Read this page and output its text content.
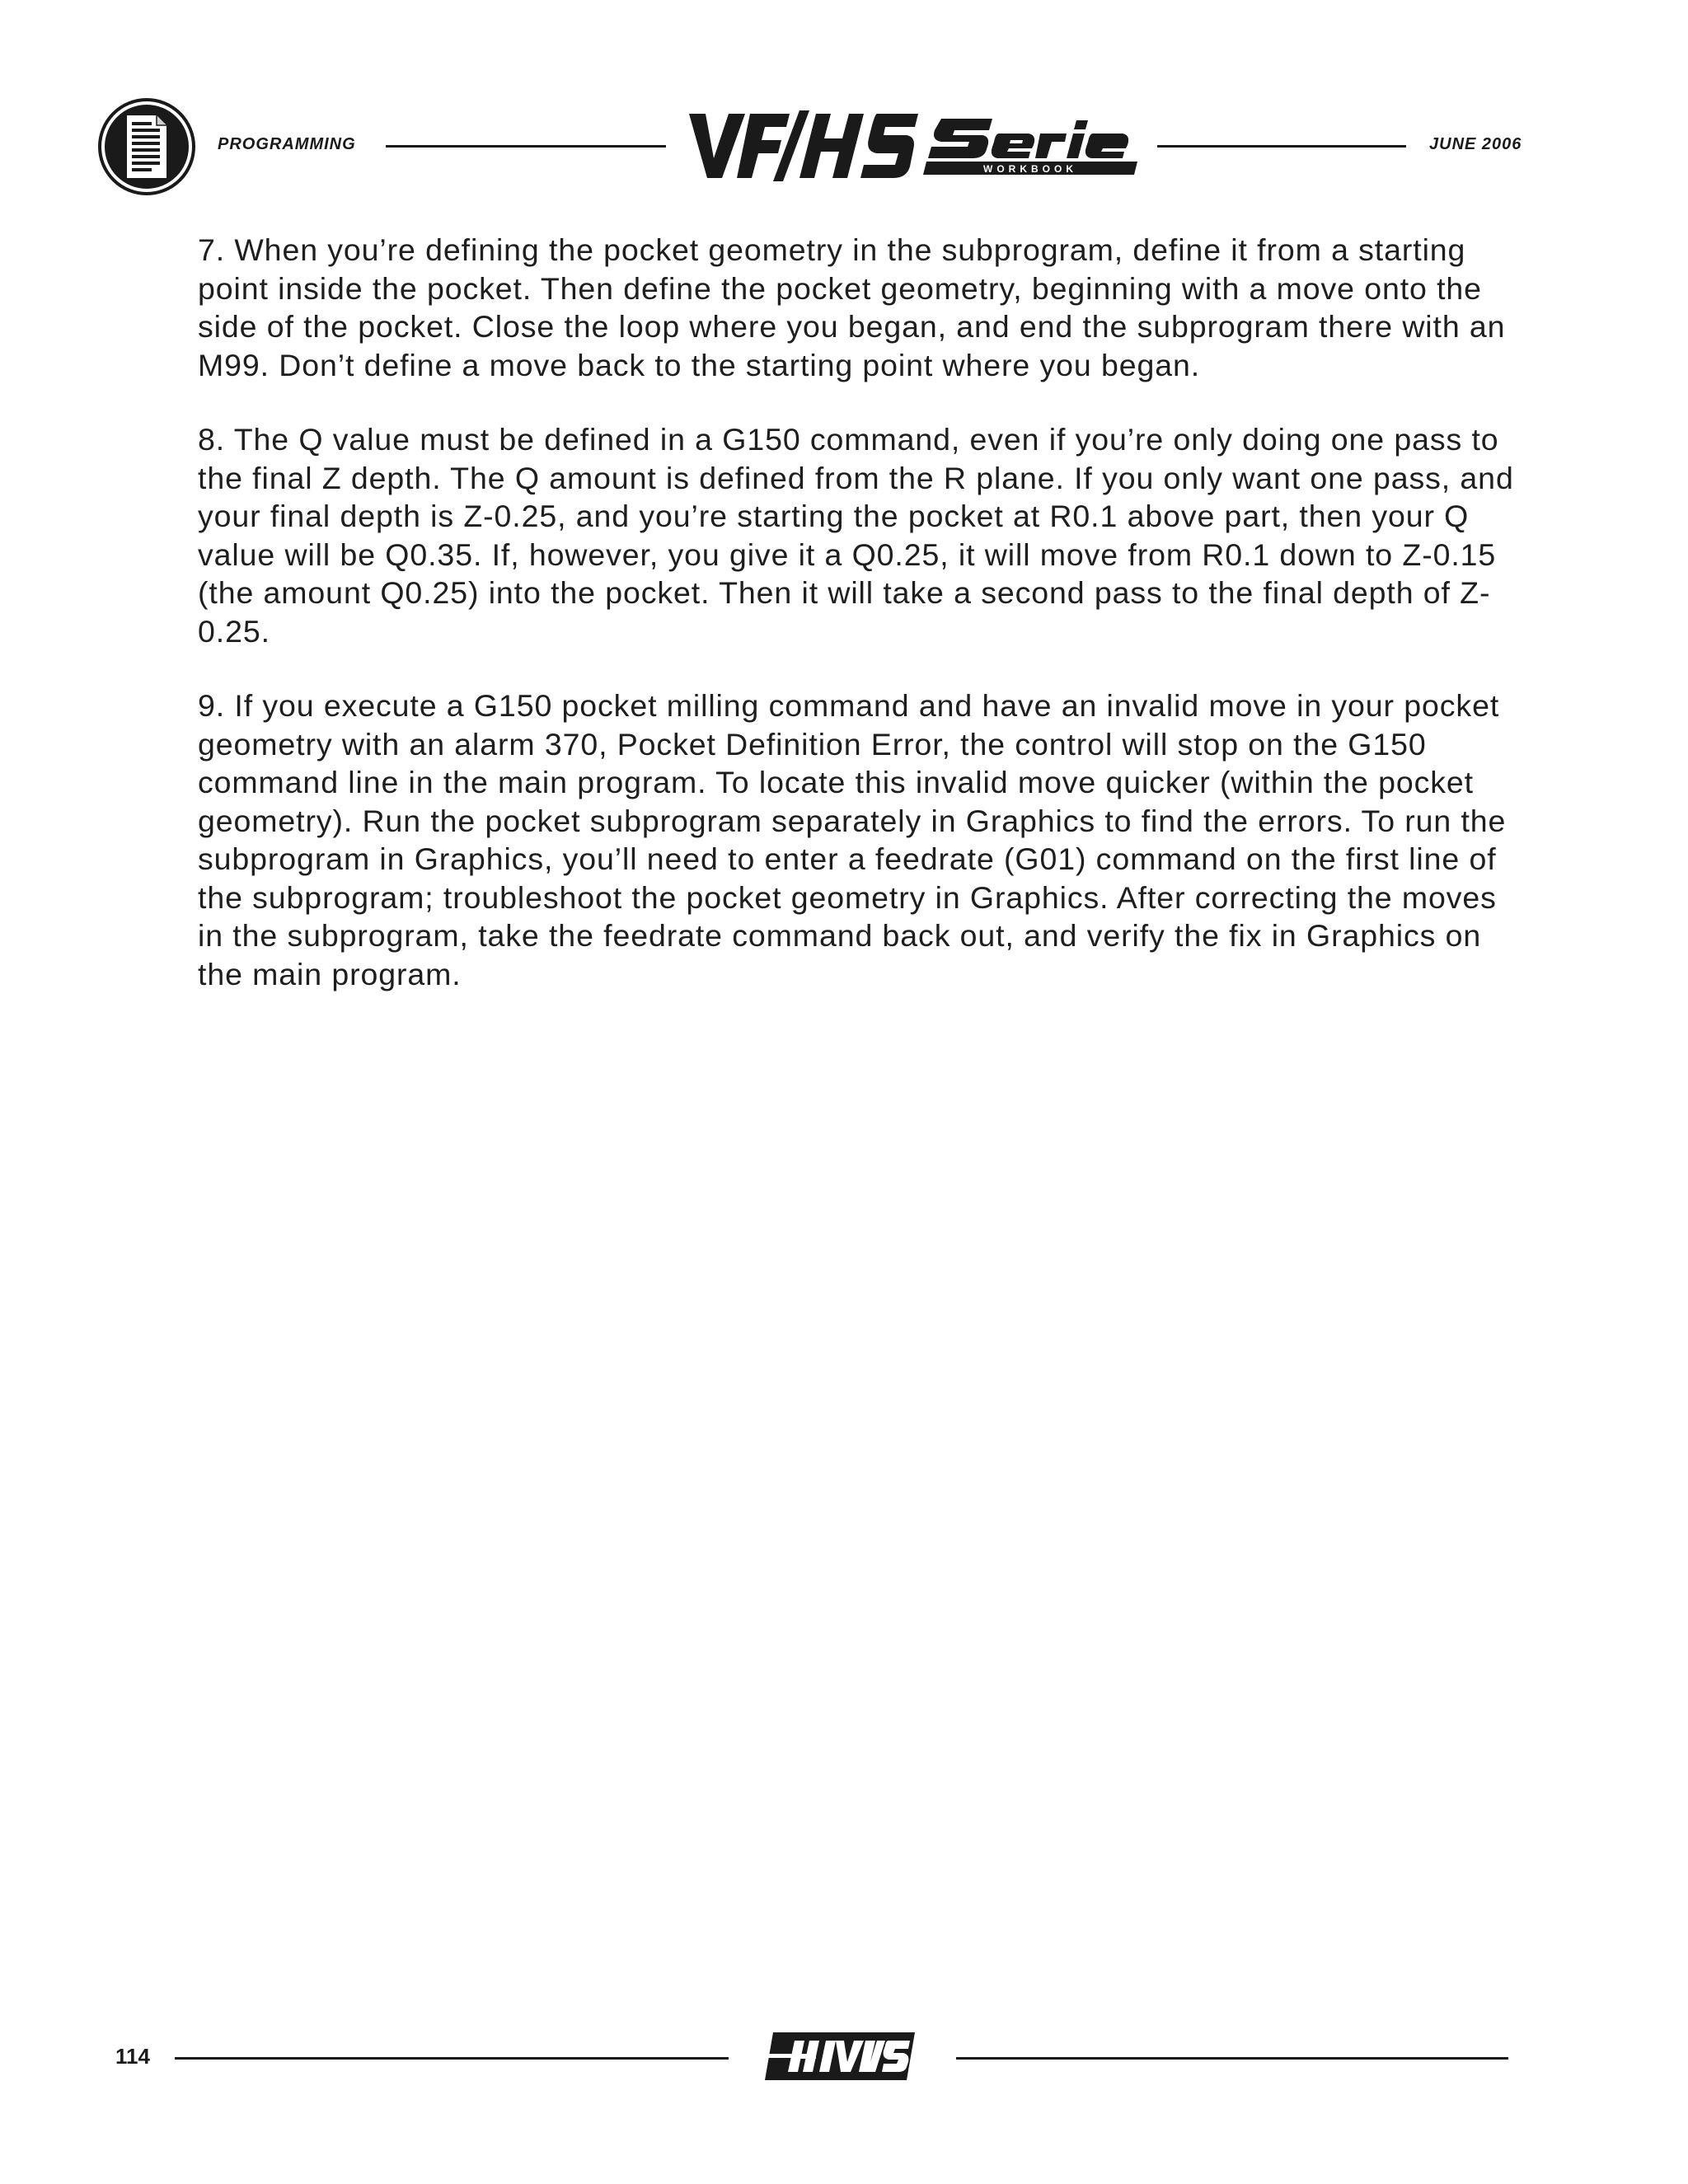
PROGRAMMING
WORKBOOK
JUNE 2006

7. When you’re defining the pocket geometry in the subprogram, define it from a starting point inside the pocket. Then define the pocket geometry, beginning with a move onto the side of the pocket. Close the loop where you began, and end the subprogram there with an M99. Don’t define a move back to the starting point where you began.

8. The Q value must be defined in a G150 command, even if you’re only doing one pass to the final Z depth. The Q amount is defined from the R plane. If you only want one pass, and your final depth is Z-0.25, and you’re starting the pocket at R0.1 above part, then your Q value will be Q0.35. If, however, you give it a Q0.25, it will move from R0.1 down to Z-0.15 (the amount Q0.25) into the pocket. Then it will take a second pass to the final depth of Z-0.25.

9. If you execute a G150 pocket milling command and have an invalid move in your pocket geometry with an alarm 370, Pocket Definition Error, the control will stop on the G150 command line in the main program. To locate this invalid move quicker (within the pocket geometry). Run the pocket subprogram separately in Graphics to find the errors. To run the subprogram in Graphics, you’ll need to enter a feedrate (G01) command on the first line of the subprogram; troubleshoot the pocket geometry in Graphics. After correcting the moves in the subprogram, take the feedrate command back out, and verify the fix in Graphics on the main program.

114
